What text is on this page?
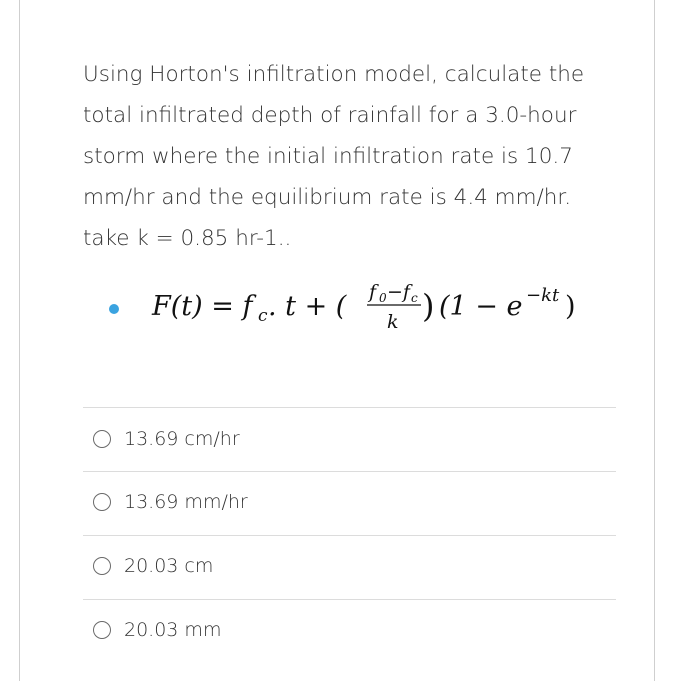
Using Horton's infiltration model, calculate the total infiltrated depth of rainfall for a 3.0-hour storm where the initial infiltration rate is 10.7 mm/hr and the equilibrium rate is 4.4 mm/hr. take k = 0.85 hr-1..

F(t) = f c . t + ( f 0 −f c
k ) (1 − e −kt )
13.69 cm/hr
13.69 mm/hr
20.03 cm
20.03 mm
